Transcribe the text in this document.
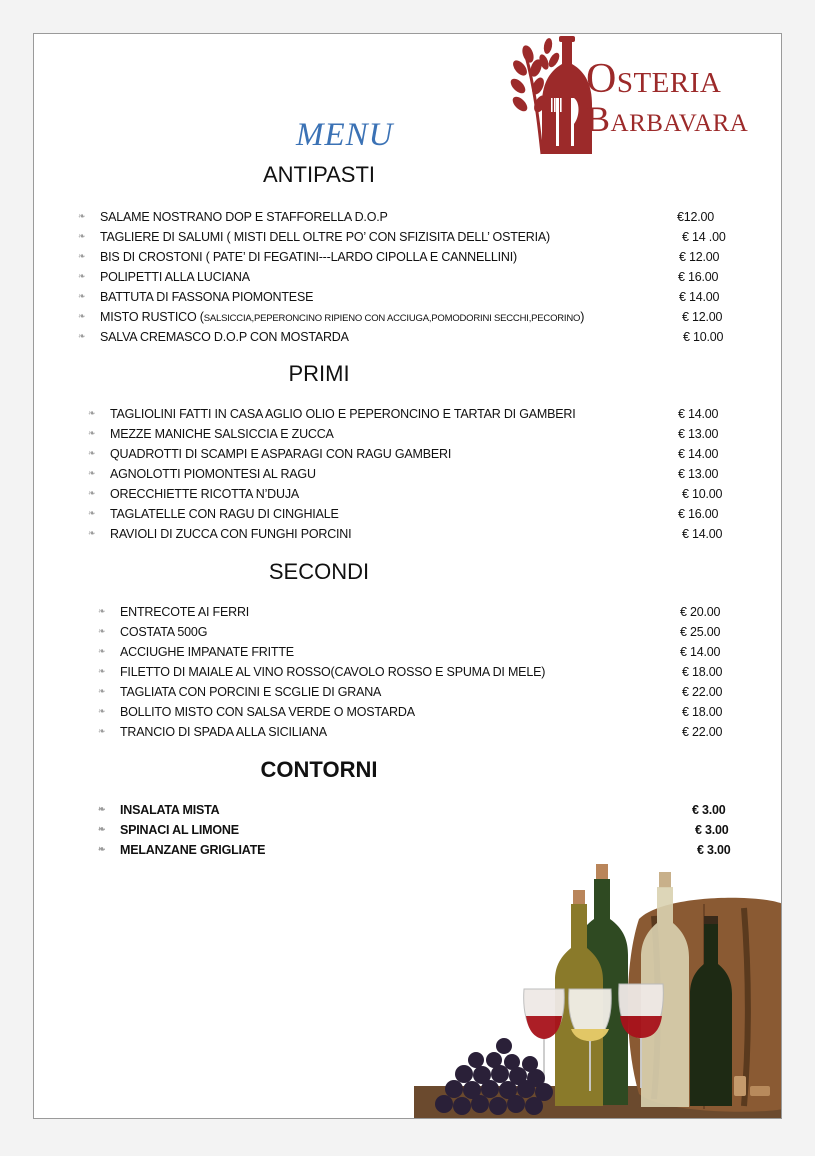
Osteria
Barbavara
MENU
ANTIPASTI
❧ SALAME NOSTRANO DOP E STAFFORELLA D.O.P	€12.00
❧ TAGLIERE DI SALUMI ( MISTI DELL OLTRE PO’ CON SFIZISITA DELL’ OSTERIA)	€ 14 .00
❧ BIS DI CROSTONI ( PATE’ DI FEGATINI---LARDO CIPOLLA E CANNELLINI)	€ 12.00
❧ POLIPETTI ALLA LUCIANA	€ 16.00
❧ BATTUTA DI FASSONA PIOMONTESE	€ 14.00
❧ MISTO RUSTICO (SALSICCIA,PEPERONCINO RIPIENO CON ACCIUGA,POMODORINI SECCHI,PECORINO)	€ 12.00
❧ SALVA CREMASCO D.O.P CON MOSTARDA	€ 10.00
PRIMI
❧ TAGLIOLINI FATTI IN CASA AGLIO OLIO E PEPERONCINO E TARTAR DI GAMBERI	€ 14.00
❧ MEZZE MANICHE SALSICCIA E ZUCCA	€ 13.00
❧ QUADROTTI DI SCAMPI E ASPARAGI CON RAGU GAMBERI	€ 14.00
❧ AGNOLOTTI PIOMONTESI AL RAGU	€ 13.00
❧ ORECCHIETTE RICOTTA N’DUJA	€ 10.00
❧ TAGLATELLE CON RAGU DI CINGHIALE	€ 16.00
❧ RAVIOLI DI ZUCCA CON FUNGHI PORCINI	€ 14.00
SECONDI
❧ ENTRECOTE AI FERRI	€ 20.00
❧ COSTATA 500G	€ 25.00
❧ ACCIUGHE IMPANATE FRITTE	€ 14.00
❧ FILETTO DI MAIALE AL VINO ROSSO(CAVOLO ROSSO E SPUMA DI MELE)	€ 18.00
❧ TAGLIATA CON PORCINI E SCGLIE DI GRANA	€ 22.00
❧ BOLLITO MISTO CON SALSA VERDE O MOSTARDA	€ 18.00
❧ TRANCIO DI SPADA ALLA SICILIANA	€ 22.00
CONTORNI
❧ INSALATA MISTA	€ 3.00
❧ SPINACI AL LIMONE	€ 3.00
❧ MELANZANE GRIGLIATE	€ 3.00
